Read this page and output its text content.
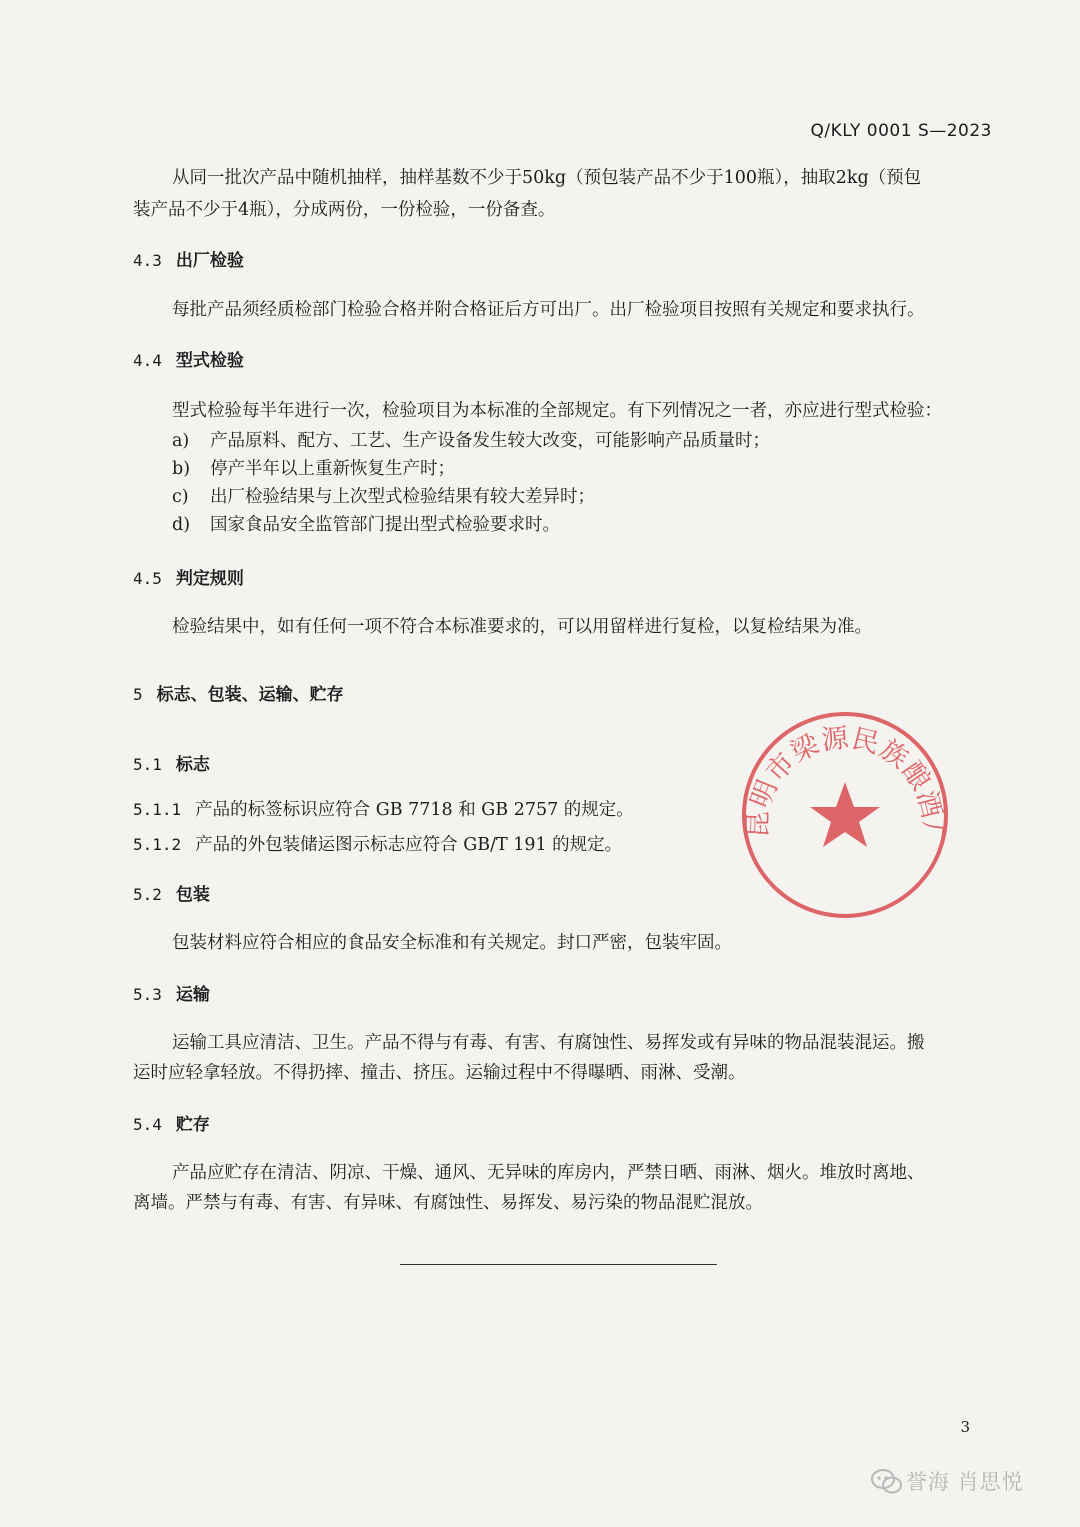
Q/KLY 0001 S—2023
从同一批次产品中随机抽样，抽样基数不少于50kg（预包装产品不少于100瓶），抽取2kg（预包
装产品不少于4瓶），分成两份，一份检验，一份备查。
4.3 出厂检验
每批产品须经质检部门检验合格并附合格证后方可出厂。出厂检验项目按照有关规定和要求执行。
4.4 型式检验
型式检验每半年进行一次，检验项目为本标准的全部规定。有下列情况之一者，亦应进行型式检验：
a) 产品原料、配方、工艺、生产设备发生较大改变，可能影响产品质量时；
b) 停产半年以上重新恢复生产时；
c) 出厂检验结果与上次型式检验结果有较大差异时；
d) 国家食品安全监管部门提出型式检验要求时。
4.5 判定规则
检验结果中，如有任何一项不符合本标准要求的，可以用留样进行复检，以复检结果为准。
5 标志、包装、运输、贮存
5.1 标志
5.1.1 产品的标签标识应符合 GB 7718 和 GB 2757 的规定。
5.1.2 产品的外包装储运图示标志应符合 GB/T 191 的规定。
5.2 包装
包装材料应符合相应的食品安全标准和有关规定。封口严密，包装牢固。
5.3 运输
运输工具应清洁、卫生。产品不得与有毒、有害、有腐蚀性、易挥发或有异味的物品混装混运。搬
运时应轻拿轻放。不得扔摔、撞击、挤压。运输过程中不得曝晒、雨淋、受潮。
5.4 贮存
产品应贮存在清洁、阴凉、干燥、通风、无异味的库房内，严禁日晒、雨淋、烟火。堆放时离地、
离墙。严禁与有毒、有害、有异味、有腐蚀性、易挥发、易污染的物品混贮混放。
昆明市梁源民族酿酒厂
3
誉海 肖思悦
